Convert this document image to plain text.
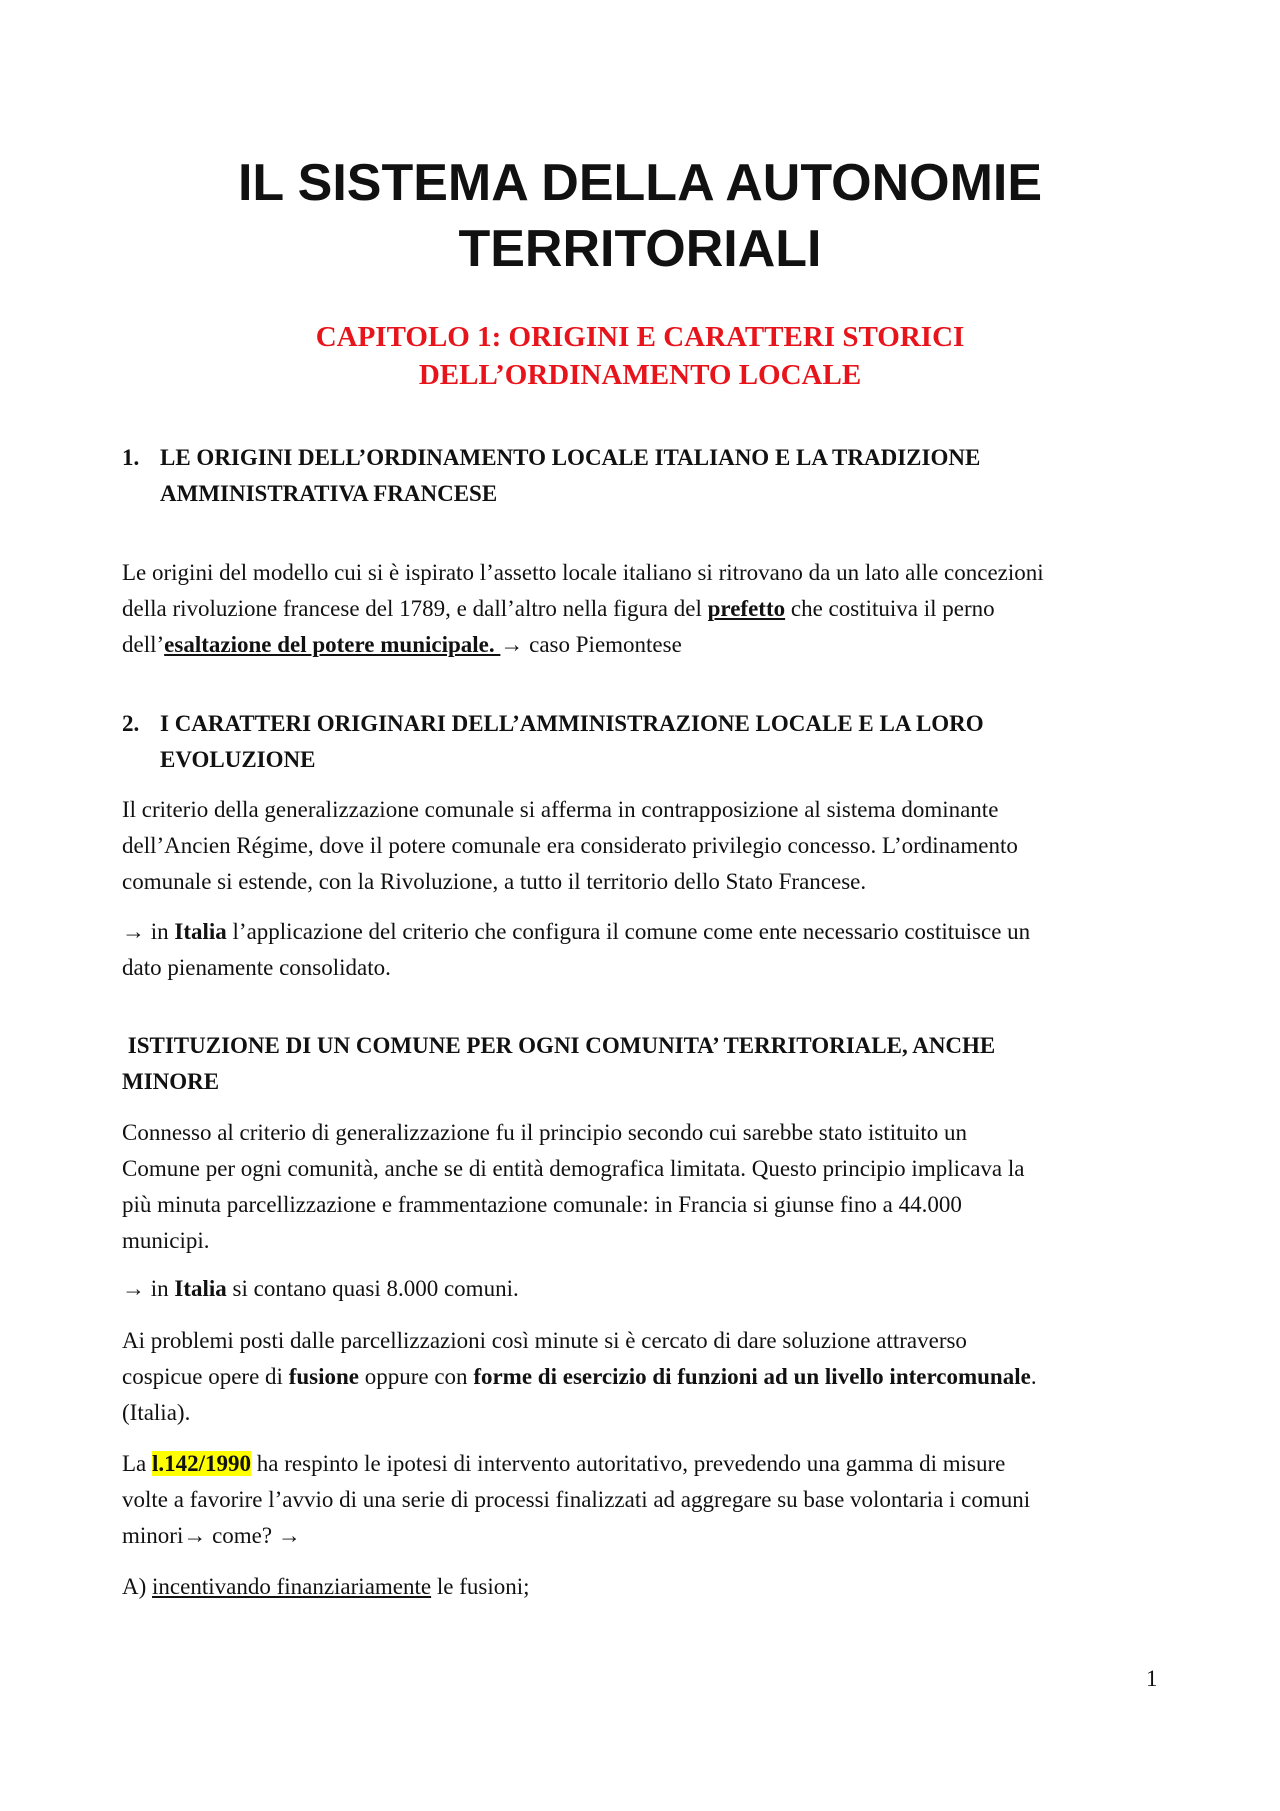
IL SISTEMA DELLA AUTONOMIE
TERRITORIALI
CAPITOLO 1: ORIGINI E CARATTERI STORICI
DELL’ORDINAMENTO LOCALE
1. LE ORIGINI DELL’ORDINAMENTO LOCALE ITALIANO E LA TRADIZIONE
AMMINISTRATIVA FRANCESE
Le origini del modello cui si è ispirato l’assetto locale italiano si ritrovano da un lato alle concezioni
della rivoluzione francese del 1789, e dall’altro nella figura del prefetto che costituiva il perno
dell’esaltazione del potere municipale. → caso Piemontese
2. I CARATTERI ORIGINARI DELL’AMMINISTRAZIONE LOCALE E LA LORO
EVOLUZIONE
Il criterio della generalizzazione comunale si afferma in contrapposizione al sistema dominante
dell’Ancien Régime, dove il potere comunale era considerato privilegio concesso. L’ordinamento
comunale si estende, con la Rivoluzione, a tutto il territorio dello Stato Francese.
→ in Italia l’applicazione del criterio che configura il comune come ente necessario costituisce un
dato pienamente consolidato.
ISTITUZIONE DI UN COMUNE PER OGNI COMUNITA’ TERRITORIALE, ANCHE
MINORE
Connesso al criterio di generalizzazione fu il principio secondo cui sarebbe stato istituito un
Comune per ogni comunità, anche se di entità demografica limitata. Questo principio implicava la
più minuta parcellizzazione e frammentazione comunale: in Francia si giunse fino a 44.000
municipi.
→ in Italia si contano quasi 8.000 comuni.
Ai problemi posti dalle parcellizzazioni così minute si è cercato di dare soluzione attraverso
cospicue opere di fusione oppure con forme di esercizio di funzioni ad un livello intercomunale.
(Italia).
La l.142/1990 ha respinto le ipotesi di intervento autoritativo, prevedendo una gamma di misure
volte a favorire l’avvio di una serie di processi finalizzati ad aggregare su base volontaria i comuni
minori→ come? →
A) incentivando finanziariamente le fusioni;
1
